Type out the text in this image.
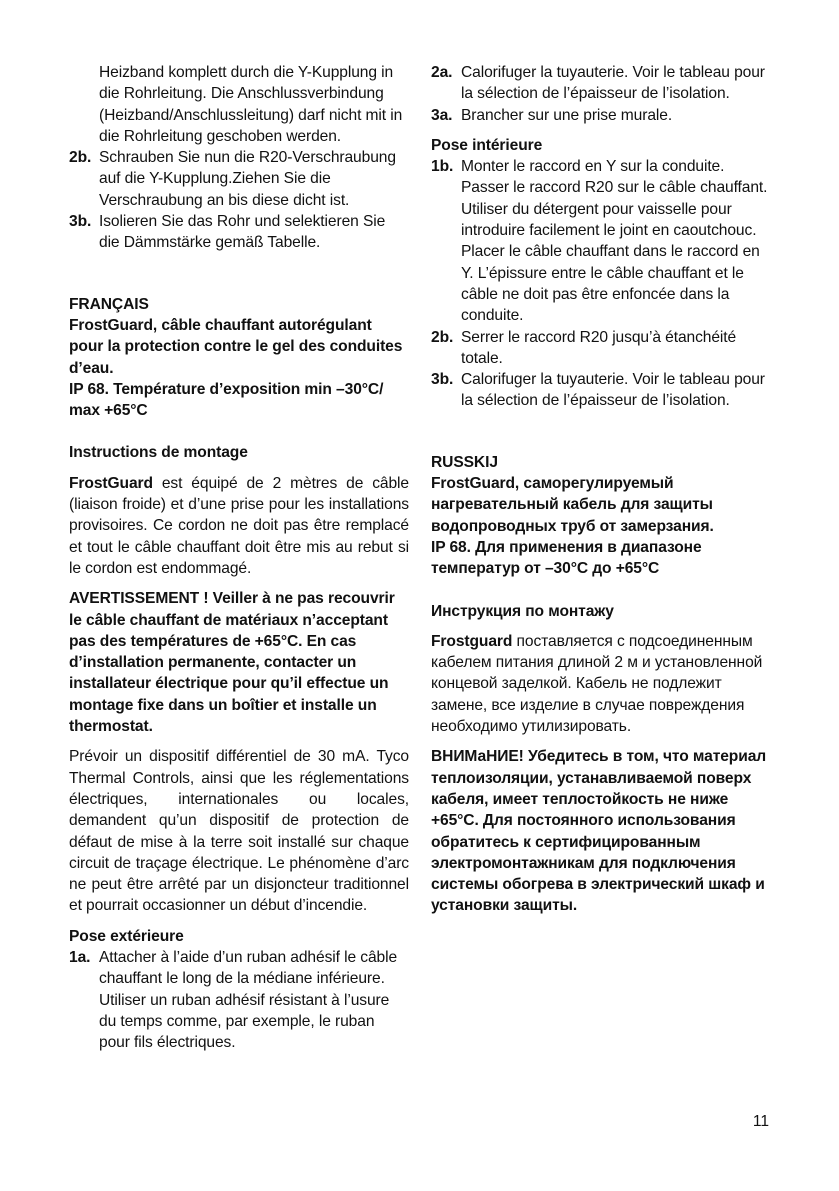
Heizband komplett durch die Y-Kupplung in die Rohrleitung. Die Anschlussverbindung (Heizband/Anschlussleitung) darf nicht mit in die Rohrleitung geschoben werden.

2b. Schrauben Sie nun die R20-Verschraubung auf die Y-Kupplung.Ziehen Sie die Verschraubung an bis diese dicht ist.
3b. Isolieren Sie das Rohr und selektieren Sie die Dämmstärke gemäß Tabelle.

FRANÇAIS

FrostGuard, câble chauffant autorégulant pour la protection contre le gel des conduites d’eau.

IP 68. Température d’exposition min –30°C/ max +65°C

Instructions de montage

FrostGuard est équipé de 2 mètres de câble (liaison froide) et d’une prise pour les installations provisoires. Ce cordon ne doit pas être remplacé et tout le câble chauffant doit être mis au rebut si le cordon est endommagé.

AVERTISSEMENT ! Veiller à ne pas recouvrir le câble chauffant de matériaux n’acceptant pas des températures de +65°C. En cas d’installation permanente, contacter un installateur électrique pour qu’il effectue un montage fixe dans un boîtier et installe un thermostat.

Prévoir un dispositif différentiel de 30 mA. Tyco Thermal Controls, ainsi que les réglementations électriques, internationales ou locales, demandent qu’un dispositif de protection de défaut de mise à la terre soit installé sur chaque circuit de traçage électrique. Le phénomène d’arc ne peut être arrêté par un disjoncteur traditionnel et pourrait occasionner un début d’incendie.

Pose extérieure

1a. Attacher à l’aide d’un ruban adhésif le câble chauffant le long de la médiane inférieure. Utiliser un ruban adhésif résistant à l’usure du temps comme, par exemple, le ruban pour fils électriques.
2a. Calorifuger la tuyauterie. Voir le tableau pour la sélection de l’épaisseur de l’isolation.
3a. Brancher sur une prise murale.

Pose intérieure

1b. Monter le raccord en Y sur la conduite. Passer le raccord R20 sur le câble chauffant. Utiliser du détergent pour vaisselle pour introduire facilement le joint en caoutchouc. Placer le câble chauffant dans le raccord en Y. L’épissure entre le câble chauffant et le câble ne doit pas être enfoncée dans la conduite.
2b. Serrer le raccord R20 jusqu’à étanchéité totale.
3b. Calorifuger la tuyauterie. Voir le tableau pour la sélection de l’épaisseur de l’isolation.

RUSSKIJ

FrostGuard, саморегулируемый нагревательный кабель для защиты водопроводных труб от замерзания.

IP 68. Для применения в диапазоне температур от –30°C до +65°C

Инструкция по монтажу

Frostguard поставляется с подсоединенным кабелем питания длиной 2 м и установленной концевой заделкой. Кабель не подлежит замене, все изделие в случае повреждения необходимо утилизировать.

ВНИМаНИЕ! Убедитесь в том, что материал теплоизоляции, устанавливаемой поверх кабеля, имеет теплостойкость не ниже +65°C. Для постоянного использования обратитесь к сертифицированным электромонтажникам для подключения системы обогрева в электрический шкаф и установки защиты.

11
